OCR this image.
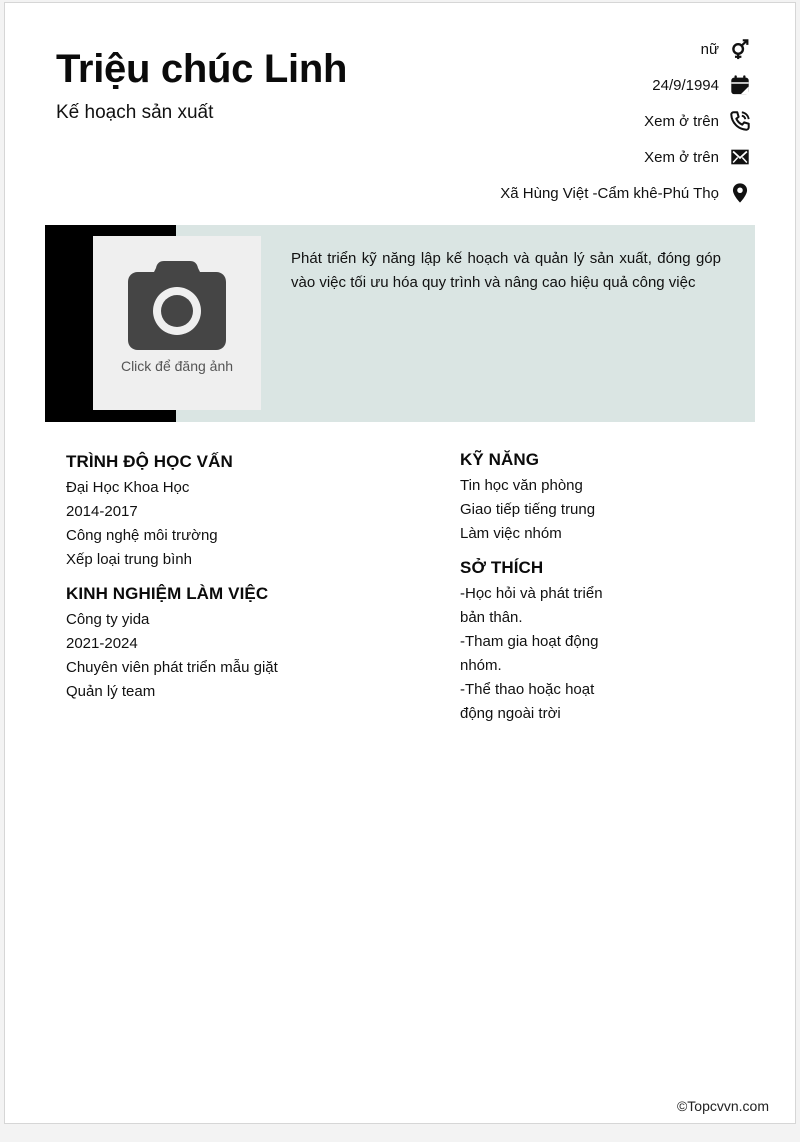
Triệu chúc Linh
Kế hoạch sản xuất
nữ
24/9/1994
Xem ở trên
Xem ở trên
Xã Hùng Việt -Cẩm khê-Phú Thọ
Click để đăng ảnh
Phát triển kỹ năng lập kế hoạch và quản lý sản xuất, đóng góp vào việc tối ưu hóa quy trình và nâng cao hiệu quả công việc
TRÌNH ĐỘ HỌC VẤN
Đại Học Khoa Học
2014-2017
Công nghệ môi trường
Xếp loại trung bình
KINH NGHIỆM LÀM VIỆC
Công ty yida
2021-2024
Chuyên viên phát triển mẫu giặt
Quản lý team
KỸ NĂNG
Tin học văn phòng
Giao tiếp tiếng trung
Làm việc nhóm
SỞ THÍCH
-Học hỏi và phát triển bản thân.
-Tham gia hoạt động nhóm.
-Thể thao hoặc hoạt động ngoài trời
©Topcvvn.com
